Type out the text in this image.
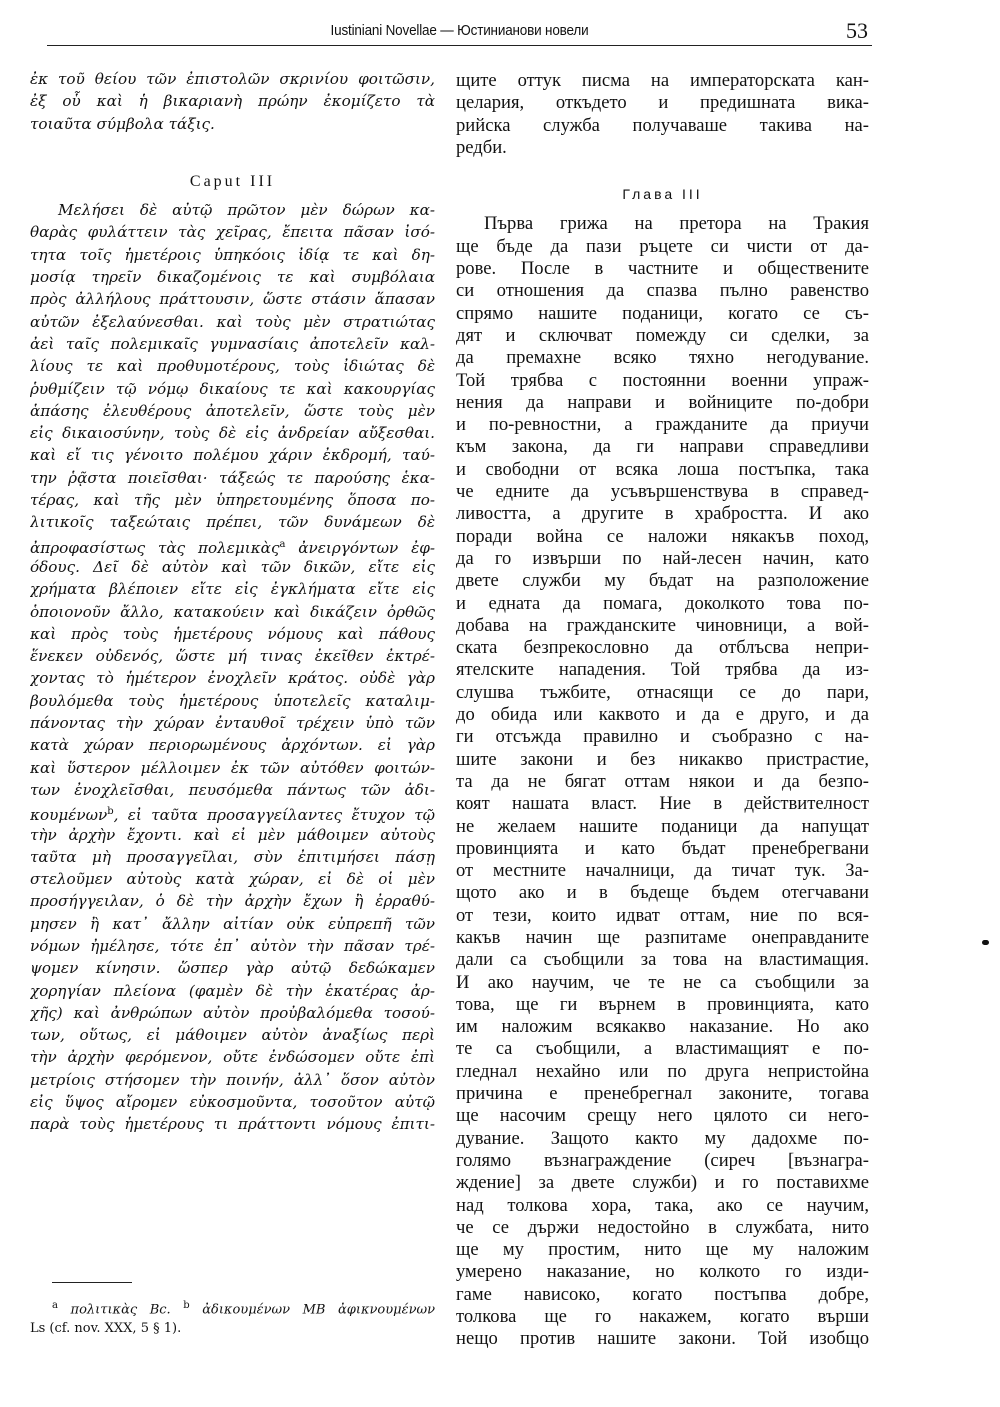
Iustiniani Novellae — Юстинианови новели	53
ἐκ τοῦ θείου τῶν ἐπιστολῶν σκρινίου φοιτῶσιν,
ἐξ οὗ καὶ ἡ βικαριανὴ πρώην ἐκομίζετο τὰ
τοιαῦτα σύμβολα τάξις.
Caput III
Μελήσει δὲ αὐτῷ πρῶτον μὲν δώρων κα-
θαρὰς φυλάττειν τὰς χεῖρας, ἔπειτα πᾶσαν ἰσό-
τητα τοῖς ἡμετέροις ὑπηκόοις ἰδίᾳ τε καὶ δη-
μοσίᾳ τηρεῖν δικαζομένοις τε καὶ συμβόλαια
πρὸς ἀλλήλους πράττουσιν, ὥστε στάσιν ἅπασαν
αὐτῶν ἐξελαύνεσθαι. καὶ τοὺς μὲν στρατιώτας
ἀεὶ ταῖς πολεμικαῖς γυμνασίαις ἀποτελεῖν καλ-
λίους τε καὶ προθυμοτέρους, τοὺς ἰδιώτας δὲ
ῥυθμίζειν τῷ νόμῳ δικαίους τε καὶ κακουργίας
ἁπάσης ἐλευθέρους ἀποτελεῖν, ὥστε τοὺς μὲν
εἰς δικαιοσύνην, τοὺς δὲ εἰς ἀνδρείαν αὔξεσθαι.
καὶ εἴ τις γένοιτο πολέμου χάριν ἐκδρομή, ταύ-
την ῥᾷστα ποιεῖσθαι· τάξεώς τε παρούσης ἑκα-
τέρας, καὶ τῆς μὲν ὑπηρετουμένης ὅποσα πο-
λιτικοῖς ταξεώταις πρέπει, τῶν δυνάμεων δὲ
ἀπροφασίστως τὰς πολεμικὰς$^a$ ἀνειργόντων ἐφ-
όδους. Δεῖ δὲ αὐτὸν καὶ τῶν δικῶν, εἴτε εἰς
χρήματα βλέποιεν εἴτε εἰς ἐγκλήματα εἴτε εἰς
ὁποιονοῦν ἄλλο, κατακούειν καὶ δικάζειν ὀρθῶς
καὶ πρὸς τοὺς ἡμετέρους νόμους καὶ πάθους
ἕνεκεν οὐδενός, ὥστε μή τινας ἐκεῖθεν ἐκτρέ-
χοντας τὸ ἡμέτερον ἐνοχλεῖν κράτος. οὐδὲ γὰρ
βουλόμεθα τοὺς ἡμετέρους ὑποτελεῖς καταλιμ-
πάνοντας τὴν χώραν ἐνταυθοῖ τρέχειν ὑπὸ τῶν
κατὰ χώραν περιορωμένους ἀρχόντων. εἰ γὰρ
καὶ ὕστερον μέλλοιμεν ἐκ τῶν αὐτόθεν φοιτών-
των ἐνοχλεῖσθαι, πευσόμεθα πάντως τῶν ἀδι-
κουμένων$^b$, εἰ ταῦτα προσαγγείλαντες ἔτυχον τῷ
τὴν ἀρχὴν ἔχοντι. καὶ εἰ μὲν μάθοιμεν αὐτοὺς
ταῦτα μὴ προσαγγεῖλαι, σὺν ἐπιτιμήσει πάσῃ
στελοῦμεν αὐτοὺς κατὰ χώραν, εἰ δὲ οἱ μὲν
προσήγγειλαν, ὁ δὲ τὴν ἀρχὴν ἔχων ἢ ἐρραθύ-
μησεν ἢ κατ᾿ ἄλλην αἰτίαν οὐκ εὐπρεπῆ τῶν
νόμων ἠμέλησε, τότε ἐπ᾿ αὐτὸν τὴν πᾶσαν τρέ-
ψομεν κίνησιν. ὥσπερ γὰρ αὐτῷ δεδώκαμεν
χορηγίαν πλείονα (φαμὲν δὲ τὴν ἑκατέρας ἀρ-
χῆς) καὶ ἀνθρώπων αὐτὸν προὐβαλόμεθα τοσού-
των, οὕτως, εἰ μάθοιμεν αὐτὸν ἀναξίως περὶ
τὴν ἀρχὴν φερόμενον, οὔτε ἐνδώσομεν οὔτε ἐπὶ
μετρίοις στήσομεν τὴν ποινήν, ἀλλ᾿ ὅσον αὐτὸν
εἰς ὕψος αἴρομεν εὐκοσμοῦντα, τοσοῦτον αὐτῷ
παρὰ τοὺς ἡμετέρους τι πράττοντι νόμους ἐπιτι-
щите оттук писма на императорската кан-
целария, откъдето и предишната вика-
рийска служба получаваше такива на-
редби.
Глава III
Първа грижа на претора на Тракия
ще бъде да пази ръцете си чисти от да-
рове. После в частните и обществените
си отношения да спазва пълно равенство
спрямо нашите поданици, когато се съ-
дят и сключват помежду си сделки, за
да премахне всяко тяхно негодувание.
Той трябва с постоянни военни упраж-
нения да направи и войниците по-добри
и по-ревностни, а гражданите да приучи
към закона, да ги направи справедливи
и свободни от всяка лоша постъпка, така
че едните да усъвършенствува в справед-
ливостта, а другите в храбростта. И ако
поради война се наложи някакъв поход,
да го извърши по най-лесен начин, като
двете служби му бъдат на разположение
и едната да помага, доколкото това по-
добава на гражданските чиновници, а вой-
ската безпрекословно да отблъсва непри-
ятелските нападения. Той трябва да из-
слушва тъжбите, отнасящи се до пари,
до обида или каквото и да е друго, и да
ги отсъжда правилно и съобразно с на-
шите закони и без никакво пристрастие,
та да не бягат оттам някои и да безпо-
коят нашата власт. Ние в действителност
не желаем нашите поданици да напущат
провинцията и като бъдат пренебрегвани
от местните началници, да тичат тук. За-
щото ако и в бъдеще бъдем отегчавани
от тези, които идват оттам, ние по вся-
какъв начин ще разпитаме онеправданите
дали са съобщили за това на властимащия.
И ако научим, че те не са съобщили за
това, ще ги върнем в провинцията, като
им наложим всякакво наказание. Но ако
те са съобщили, а властимащият е по-
гледнал нехайно или по друга непристойна
причина е пренебрегнал законите, тогава
ще насочим срещу него цялото си него-
дувание. Защото както му дадохме по-
голямо възнаграждение (сиреч [възнагра-
ждение] за двете служби) и го поставихме
над толкова хора, така, ако се научим,
че се държи недостойно в службата, нито
ще му простим, нито ще му наложим
умерено наказание, но колкото го изди-
гаме нависоко, когато постъпва добре,
толкова ще го накажем, когато върши
нещо против нашите закони. Той изобщо
$^a$ πολιτικὰς Bc. $^b$ ἀδικουμένων MB ἀφικνουμένων
Ls (cf. nov. XXX, 5 § 1).
